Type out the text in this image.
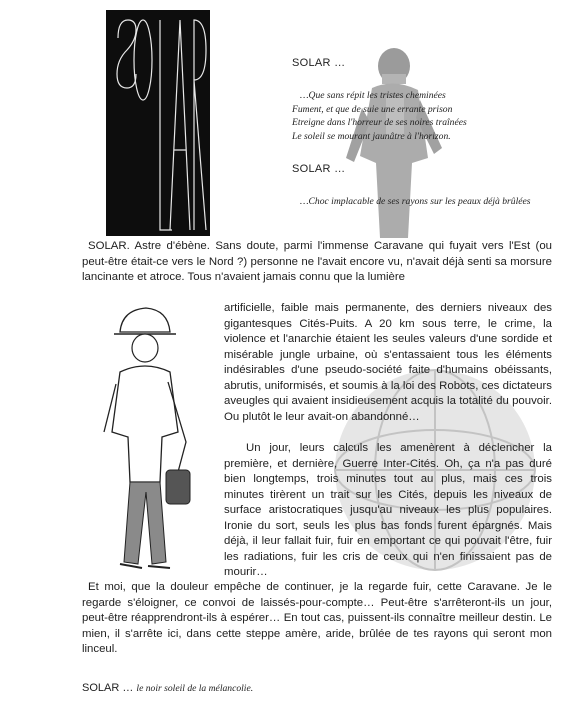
SOLAR …

…Que sans répit les tristes cheminées

Fument, et que de suie une errante prison

Etreigne dans l'horreur de ses noires traînées

Le soleil se mourant jaunâtre à l'horizon.

SOLAR …

…Choc implacable de ses rayons sur les peaux déjà brûlées

SOLAR. Astre d'ébène. Sans doute, parmi l'immense Caravane qui fuyait vers l'Est (ou peut-être était-ce vers le Nord ?) personne ne l'avait encore vu, n'avait déjà senti sa morsure lancinante et atroce. Tous n'avaient jamais connu que la lumière

artificielle, faible mais permanente, des derniers niveaux des gigantesques Cités-Puits. A 20 km sous terre, le crime, la violence et l'anarchie étaient les seules valeurs d'une sordide et misérable jungle urbaine, où s'entassaient tous les éléments indésirables d'une pseudo-société faite d'humains obéissants, abrutis, uniformisés, et soumis à la loi des Robots, ces dictateurs aveugles qui avaient insidieusement acquis la totalité du pouvoir. Ou plutôt le leur avait-on abandonné…

Un jour, leurs calculs les amenèrent à déclencher la première, et dernière, Guerre Inter-Cités. Oh, ça n'a pas duré bien longtemps, trois minutes tout au plus, mais ces trois minutes tirèrent un trait sur les Cités, depuis les niveaux de surface aristocratiques jusqu'au niveaux les plus populaires. Ironie du sort, seuls les plus bas fonds furent épargnés. Mais déjà, il leur fallait fuir, fuir en emportant ce qui pouvait l'être, fuir les radiations, fuir les cris de ceux qui n'en finissaient pas de mourir…

Et moi, que la douleur empêche de continuer, je la regarde fuir, cette Caravane. Je le regarde s'éloigner, ce convoi de laissés-pour-compte… Peut-être s'arrêteront-ils un jour, peut-être réapprendront-ils à espérer… En tout cas, puissent-ils connaître meilleur destin. Le mien, il s'arrête ici, dans cette steppe amère, aride, brûlée de tes rayons qui seront mon linceul.

SOLAR … le noir soleil de la mélancolie.
